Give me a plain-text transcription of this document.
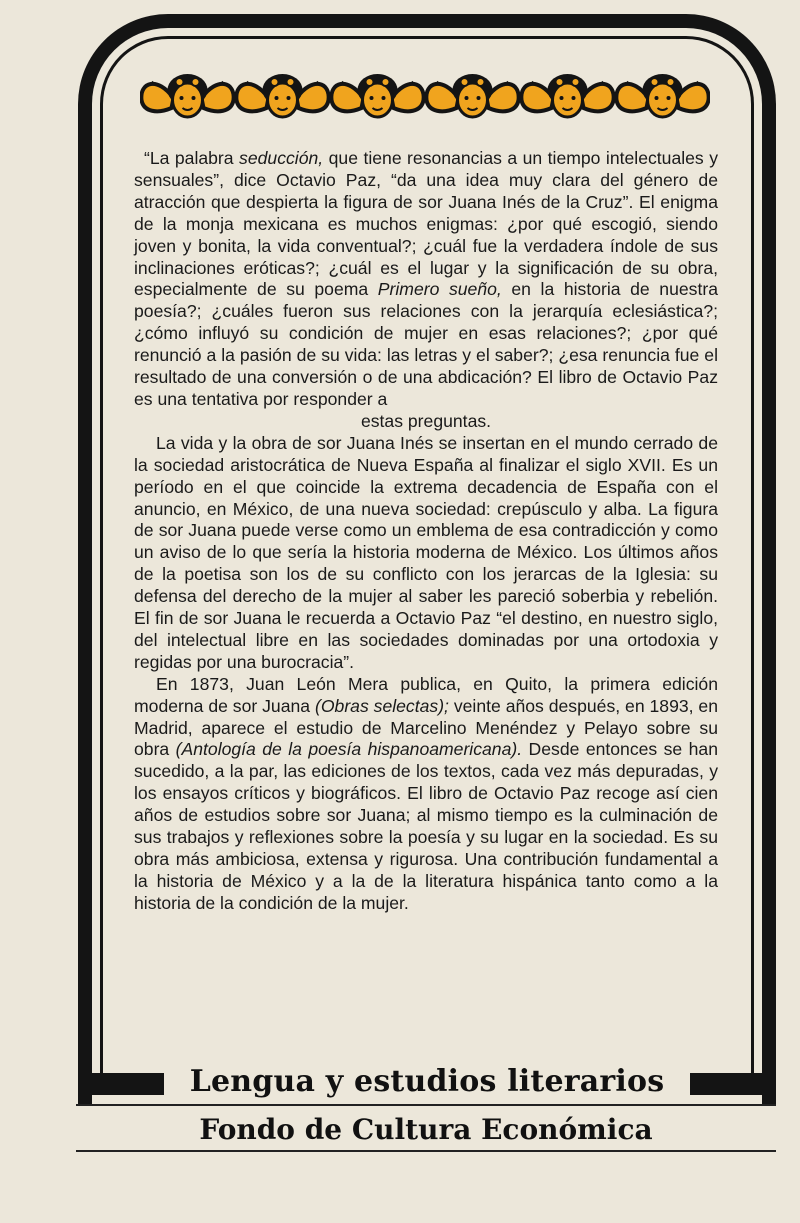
“La palabra seducción, que tiene resonancias a un tiempo intelectuales y sensuales”, dice Octavio Paz, “da una idea muy clara del género de atracción que despierta la figura de sor Juana Inés de la Cruz”. El enigma de la monja mexicana es muchos enigmas: ¿por qué escogió, siendo joven y bonita, la vida conventual?; ¿cuál fue la verdadera índole de sus inclinaciones eróticas?; ¿cuál es el lugar y la significación de su obra, especialmente de su poema Primero sueño, en la historia de nuestra poesía?; ¿cuáles fueron sus relaciones con la jerarquía eclesiástica?; ¿cómo influyó su condición de mujer en esas relaciones?; ¿por qué renunció a la pasión de su vida: las letras y el saber?; ¿esa renuncia fue el resultado de una conversión o de una abdicación? El libro de Octavio Paz es una tentativa por responder a
estas preguntas.

La vida y la obra de sor Juana Inés se insertan en el mundo cerrado de la sociedad aristocrática de Nueva España al finalizar el siglo XVII. Es un período en el que coincide la extrema decadencia de España con el anuncio, en México, de una nueva sociedad: crepúsculo y alba. La figura de sor Juana puede verse como un emblema de esa contradicción y como un aviso de lo que sería la historia moderna de México. Los últimos años de la poetisa son los de su conflicto con los jerarcas de la Iglesia: su defensa del derecho de la mujer al saber les pareció soberbia y rebelión. El fin de sor Juana le recuerda a Octavio Paz “el destino, en nuestro siglo, del intelectual libre en las sociedades dominadas por una ortodoxia y regidas por una burocracia”.

En 1873, Juan León Mera publica, en Quito, la primera edición moderna de sor Juana (Obras selectas); veinte años después, en 1893, en Madrid, aparece el estudio de Marcelino Menéndez y Pelayo sobre su obra (Antología de la poesía hispanoamericana). Desde entonces se han sucedido, a la par, las ediciones de los textos, cada vez más depuradas, y los ensayos críticos y biográficos. El libro de Octavio Paz recoge así cien años de estudios sobre sor Juana; al mismo tiempo es la culminación de sus trabajos y reflexiones sobre la poesía y su lugar en la sociedad. Es su obra más ambiciosa, extensa y rigurosa. Una contribución fundamental a la historia de México y a la de la literatura hispánica tanto como a la historia de la condición de la mujer.

Lengua y estudios literarios
Fondo de Cultura Económica
